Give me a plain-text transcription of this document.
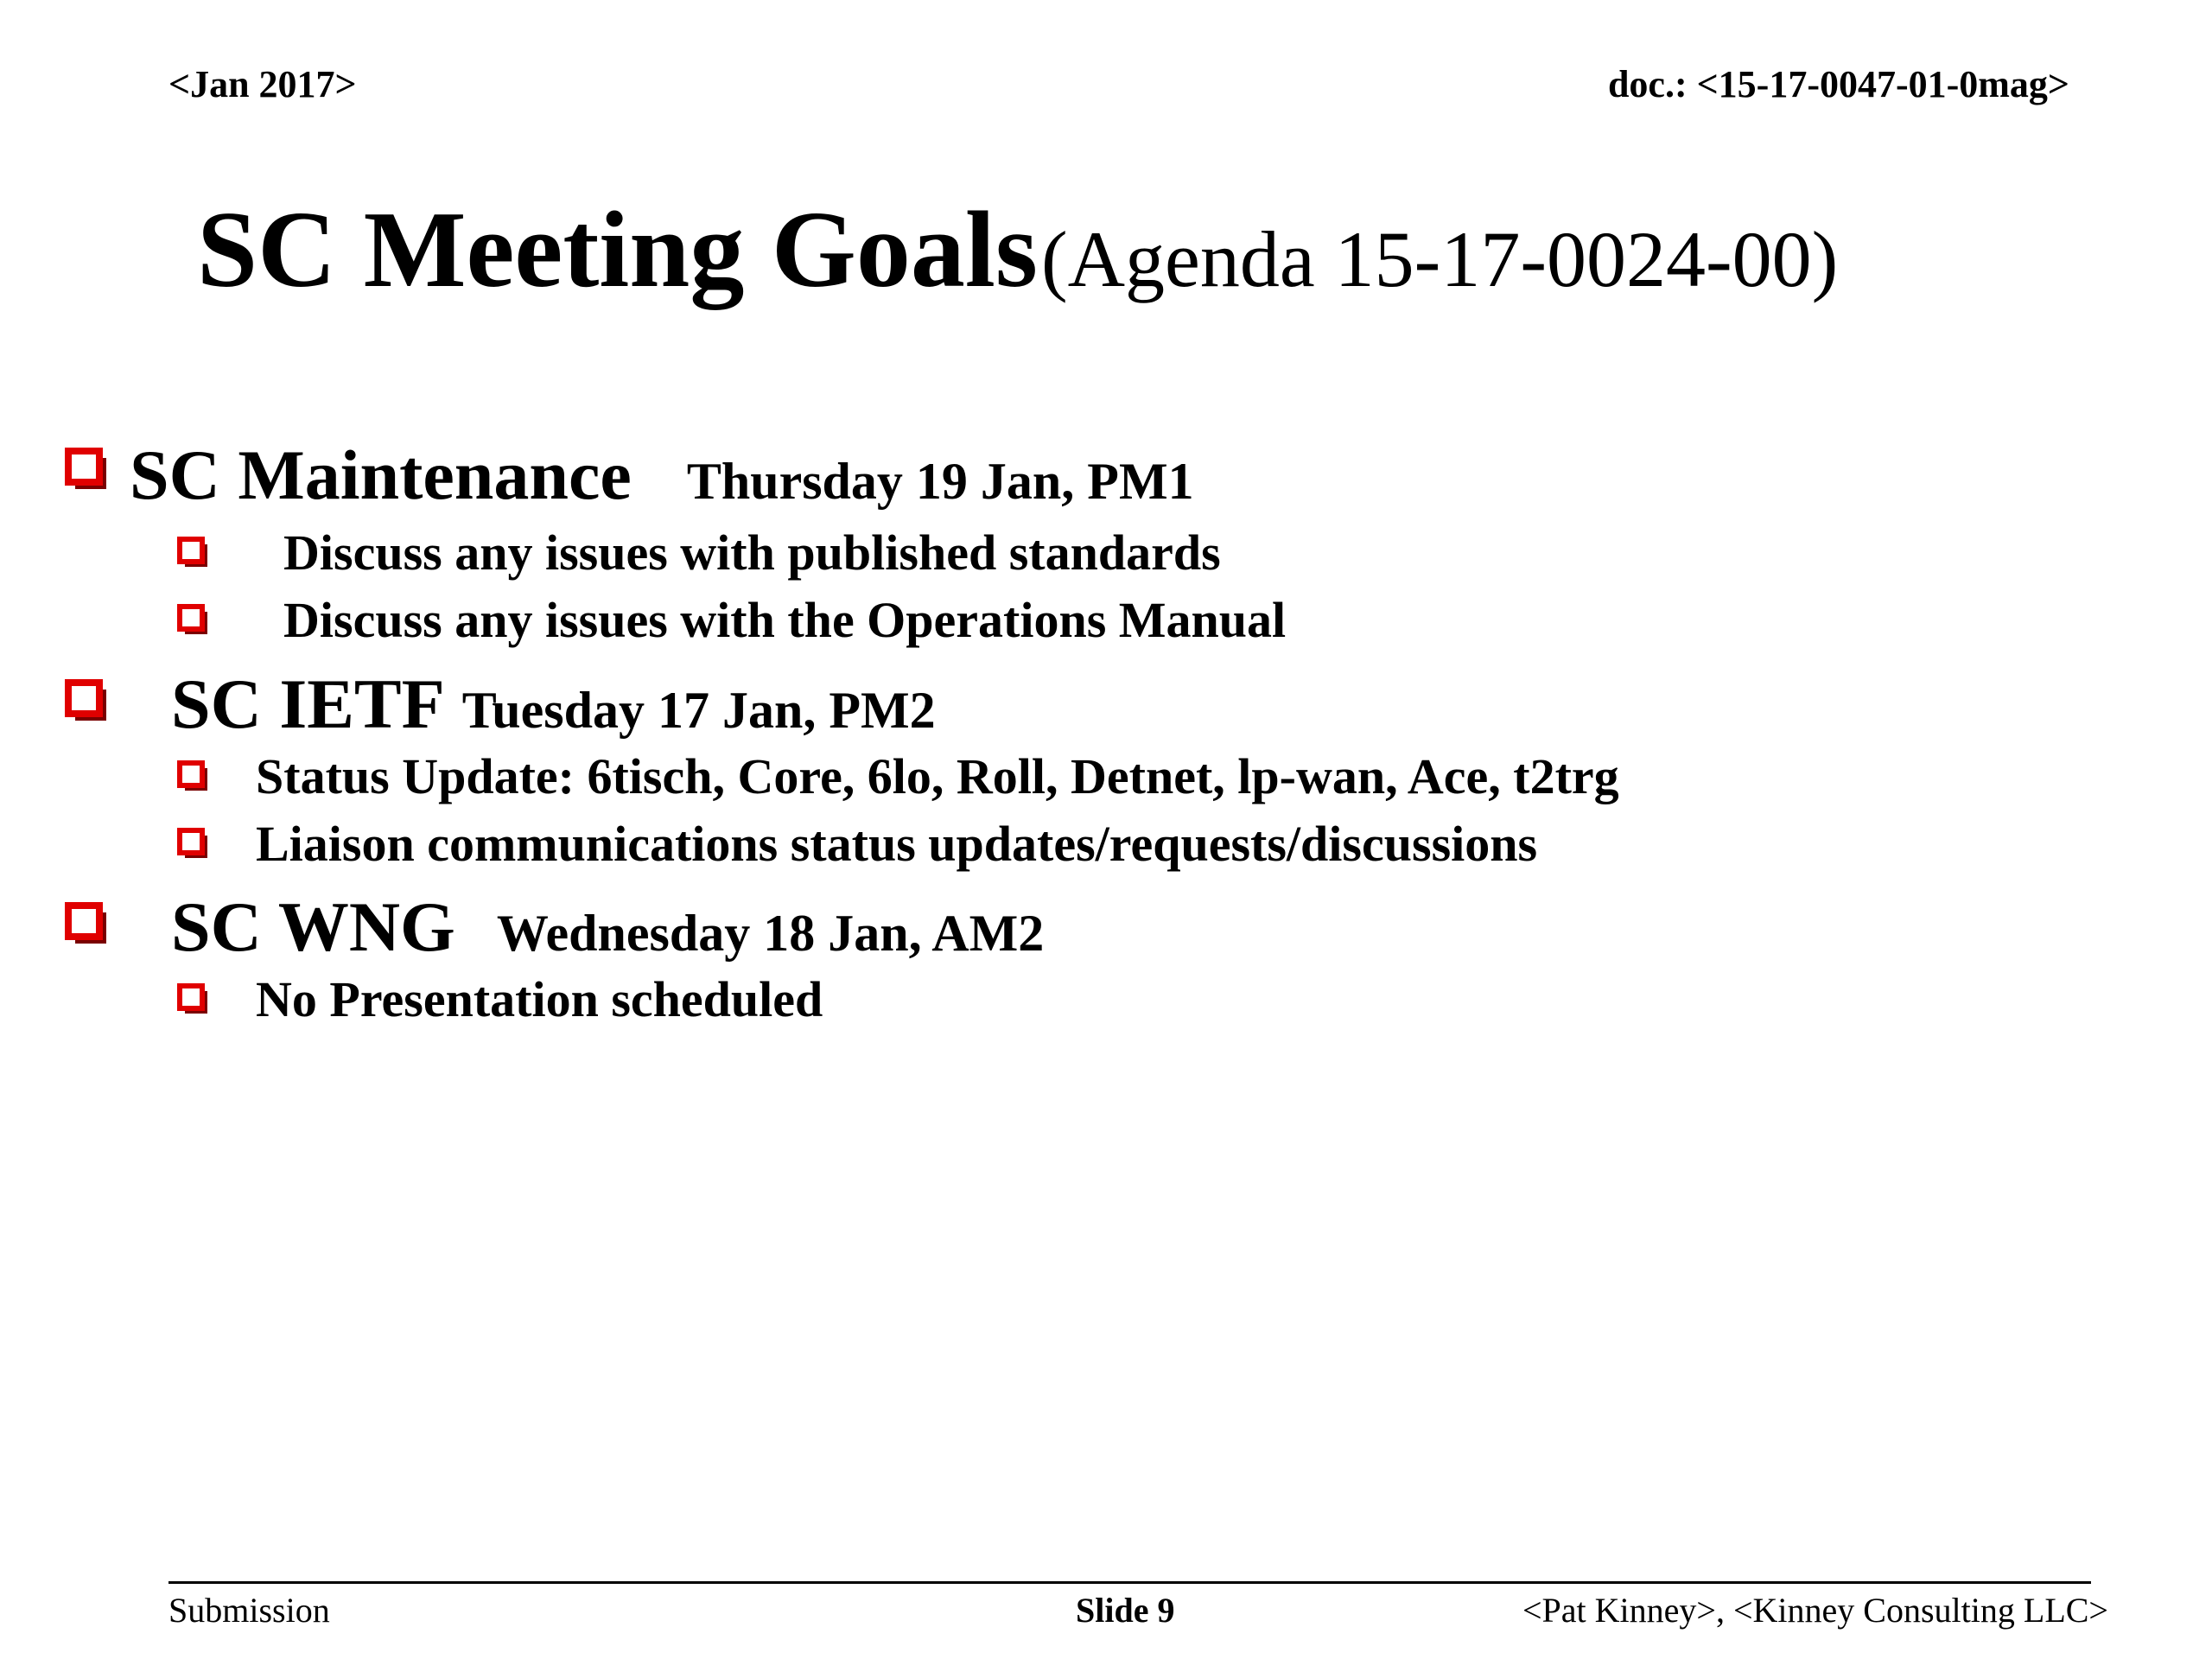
<Jan 2017>	doc.: <15-17-0047-01-0mag>
SC Meeting Goals (Agenda 15-17-0024-00)
SC Maintenance Thursday 19 Jan, PM1
Discuss any issues with published standards
Discuss any issues with the Operations Manual
SC IETF Tuesday 17 Jan, PM2
Status Update: 6tisch, Core, 6lo, Roll, Detnet, lp-wan, Ace, t2trg
Liaison communications status updates/requests/discussions
SC WNG Wednesday 18 Jan, AM2
No Presentation scheduled
Submission	Slide 9	<Pat Kinney>, <Kinney Consulting LLC>
